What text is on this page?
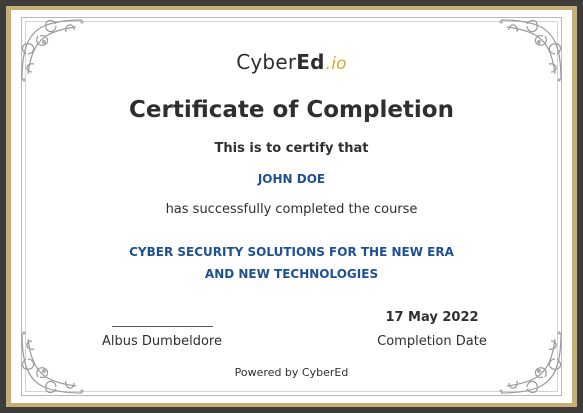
CyberEd.io
Certificate of Completion
This is to certify that
JOHN DOE
has successfully completed the course
CYBER SECURITY SOLUTIONS FOR THE NEW ERA
AND NEW TECHNOLOGIES
Albus Dumbeldore
17 May 2022
Completion Date
Powered by CyberEd
